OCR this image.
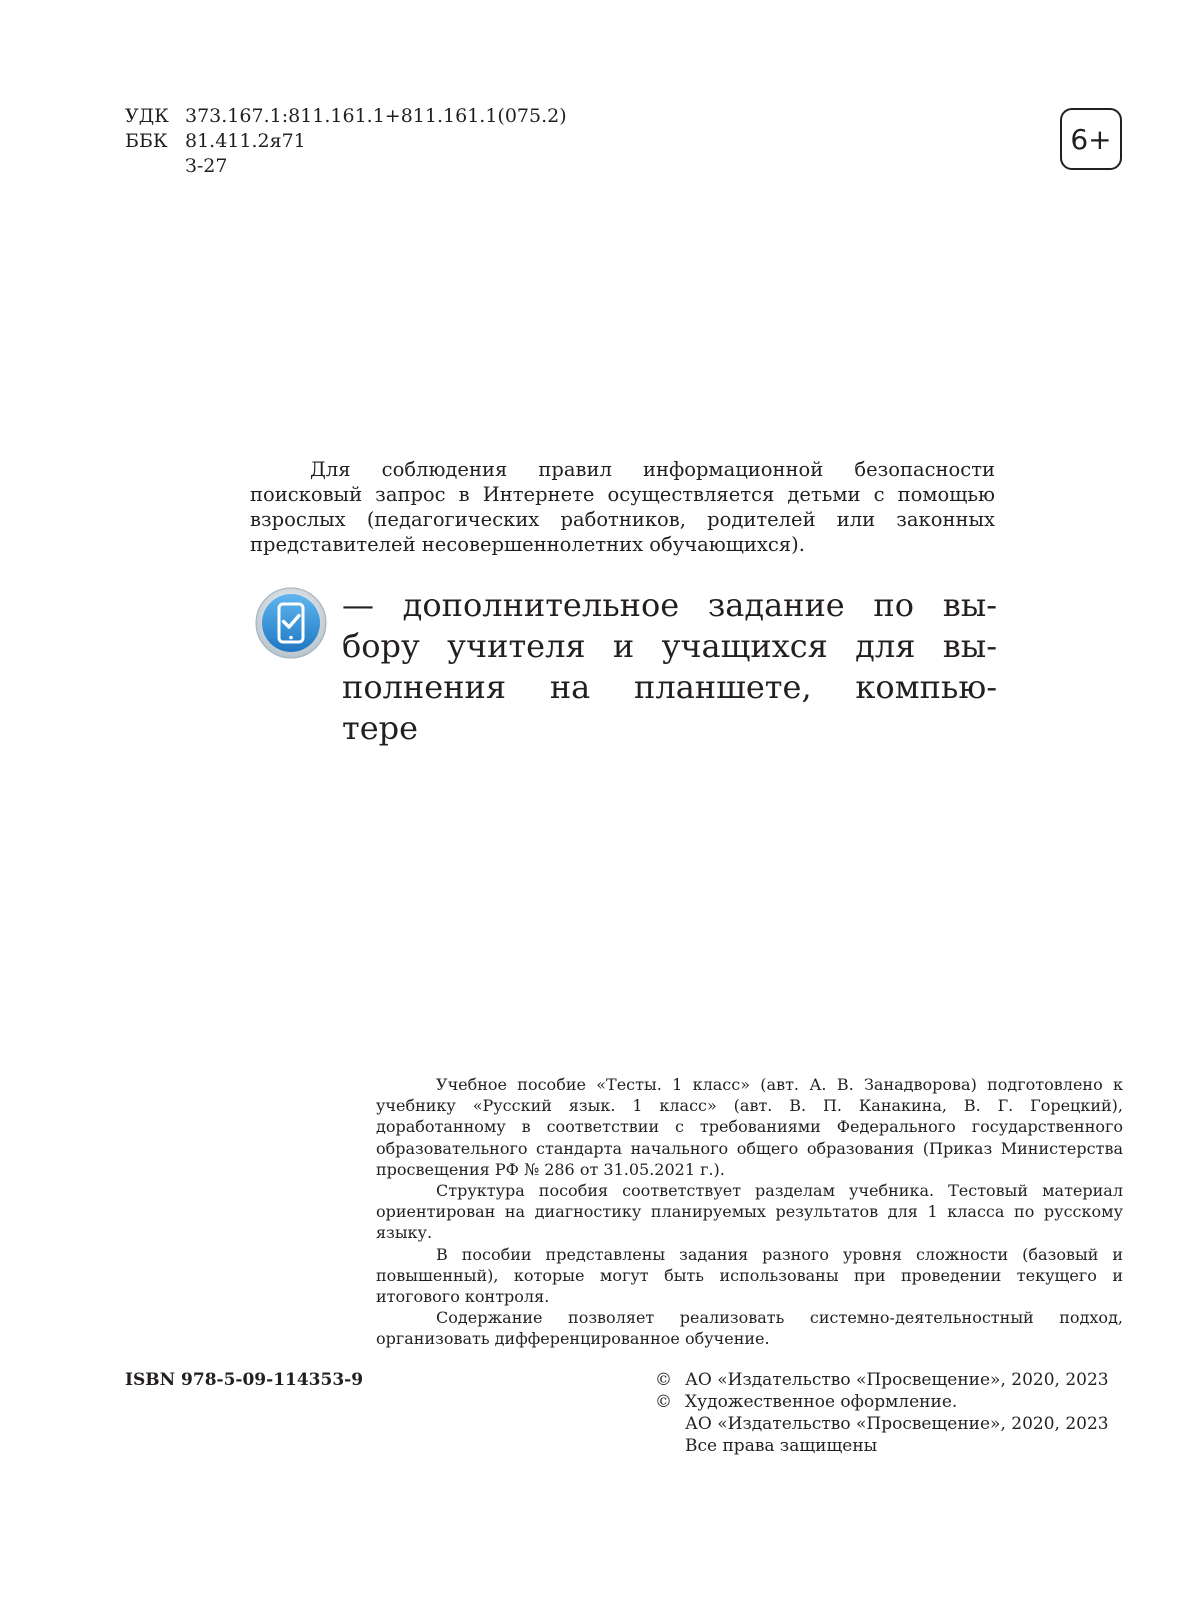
УДК 373.167.1:811.161.1+811.161.1(075.2)
ББК 81.411.2я71
З-27
6+

Для соблюдения правил информационной безопасности поисковый запрос в Интернете осуществляется детьми с помощью взрослых (педагогических работников, родителей или законных представителей несовершеннолетних обучающихся).

— дополнительное задание по вы-
бору учителя и учащихся для вы-
полнения на планшете, компью-
тере

Учебное пособие «Тесты. 1 класс» (авт. А. В. Занадворова) подготовлено к учебнику «Русский язык. 1 класс» (авт. В. П. Канакина, В. Г. Горецкий), доработанному в соответствии с требованиями Федерального государственного образовательного стандарта начального общего образования (Приказ Министерства просвещения РФ № 286 от 31.05.2021 г.).

Структура пособия соответствует разделам учебника. Тестовый материал ориентирован на диагностику планируемых результатов для 1 класса по русскому языку.

В пособии представлены задания разного уровня сложности (базовый и повышенный), которые могут быть использованы при проведении текущего и итогового контроля.

Содержание позволяет реализовать системно-деятельностный подход, организовать дифференцированное обучение.

ISBN 978-5-09-114353-9	© АО «Издательство «Просвещение», 2020, 2023
© Художественное оформление.
АО «Издательство «Просвещение», 2020, 2023
Все права защищены
